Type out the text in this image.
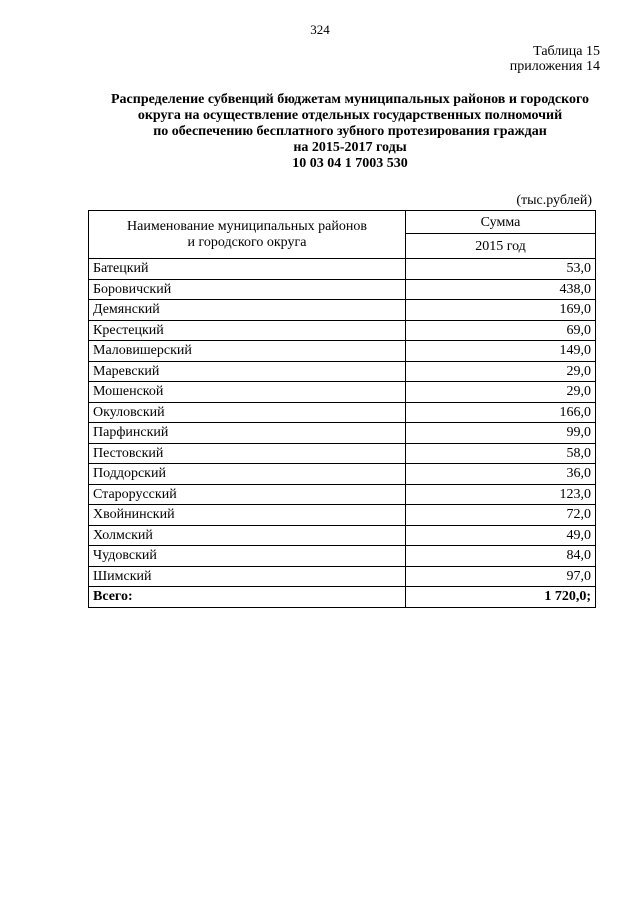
324
Таблица 15
приложения 14
Распределение субвенций бюджетам муниципальных районов и городского
округа на осуществление отдельных государственных полномочий
по обеспечению бесплатного зубного протезирования граждан
на 2015-2017 годы
10 03 04 1 7003 530
(тыс.рублей)
Наименование муниципальных районов
и городского округа	Сумма
	2015 год
Батецкий	53,0
Боровичский	438,0
Демянский	169,0
Крестецкий	69,0
Маловишерский	149,0
Маревский	29,0
Мошенской	29,0
Окуловский	166,0
Парфинский	99,0
Пестовский	58,0
Поддорский	36,0
Старорусский	123,0
Хвойнинский	72,0
Холмский	49,0
Чудовский	84,0
Шимский	97,0
Всего:	1 720,0;
